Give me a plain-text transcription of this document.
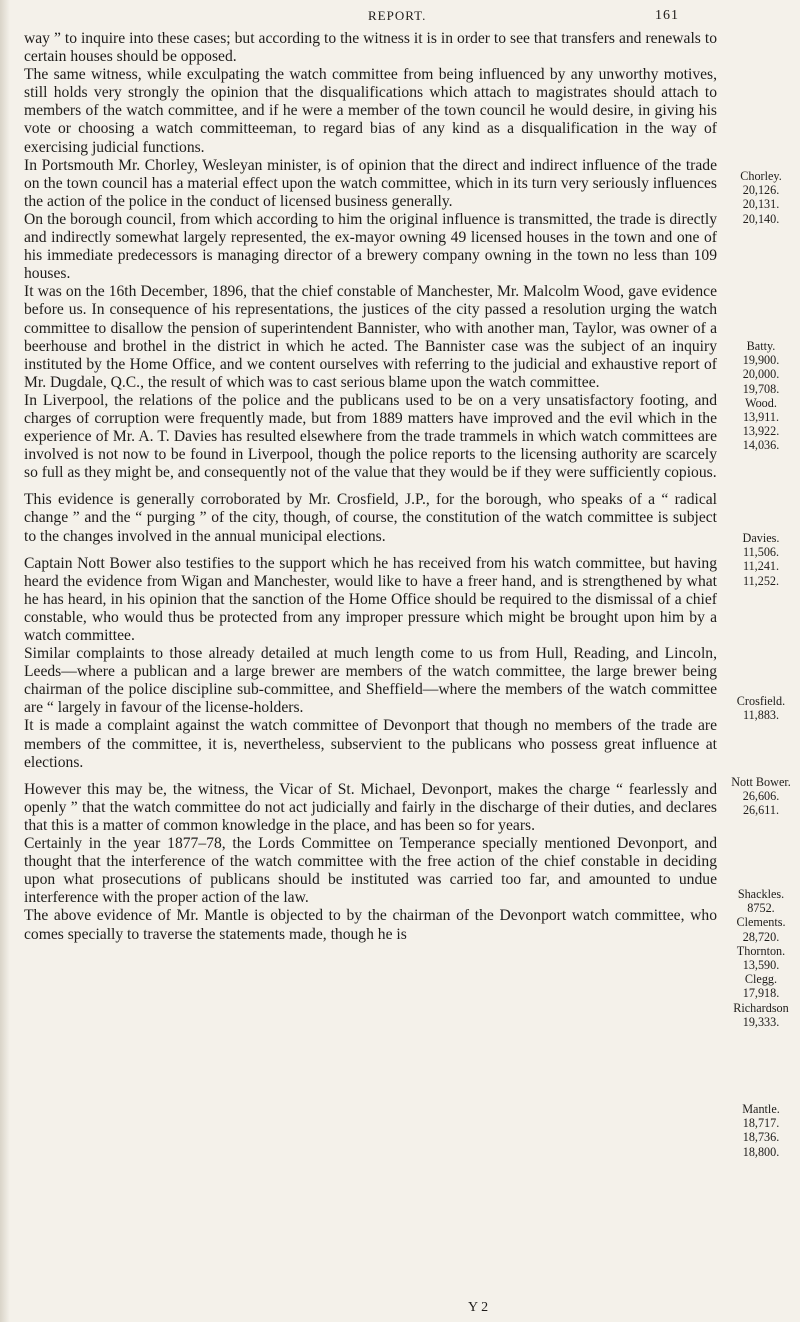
REPORT.	161

way ” to inquire into these cases; but according to the witness it is in order to see that transfers and renewals to certain houses should be opposed.

The same witness, while exculpating the watch committee from being influenced by any unworthy motives, still holds very strongly the opinion that the disqualifications which attach to magistrates should attach to members of the watch committee, and if he were a member of the town council he would desire, in giving his vote or choosing a watch committeeman, to regard bias of any kind as a disqualification in the way of exercising judicial functions.

In Portsmouth Mr. Chorley, Wesleyan minister, is of opinion that the direct and indirect influence of the trade on the town council has a material effect upon the watch committee, which in its turn very seriously influences the action of the police in the conduct of licensed business generally.

On the borough council, from which according to him the original influence is transmitted, the trade is directly and indirectly somewhat largely represented, the ex-mayor owning 49 licensed houses in the town and one of his immediate predecessors is managing director of a brewery company owning in the town no less than 109 houses.

It was on the 16th December, 1896, that the chief constable of Manchester, Mr. Malcolm Wood, gave evidence before us. In consequence of his representations, the justices of the city passed a resolution urging the watch committee to disallow the pension of superintendent Bannister, who with another man, Taylor, was owner of a beerhouse and brothel in the district in which he acted. The Bannister case was the subject of an inquiry instituted by the Home Office, and we content ourselves with referring to the judicial and exhaustive report of Mr. Dugdale, Q.C., the result of which was to cast serious blame upon the watch committee.

In Liverpool, the relations of the police and the publicans used to be on a very unsatisfactory footing, and charges of corruption were frequently made, but from 1889 matters have improved and the evil which in the experience of Mr. A. T. Davies has resulted elsewhere from the trade trammels in which watch committees are involved is not now to be found in Liverpool, though the police reports to the licensing authority are scarcely so full as they might be, and consequently not of the value that they would be if they were sufficiently copious.

This evidence is generally corroborated by Mr. Crosfield, J.P., for the borough, who speaks of a “ radical change ” and the “ purging ” of the city, though, of course, the constitution of the watch committee is subject to the changes involved in the annual municipal elections.

Captain Nott Bower also testifies to the support which he has received from his watch committee, but having heard the evidence from Wigan and Manchester, would like to have a freer hand, and is strengthened by what he has heard, in his opinion that the sanction of the Home Office should be required to the dismissal of a chief constable, who would thus be protected from any improper pressure which might be brought upon him by a watch committee.

Similar complaints to those already detailed at much length come to us from Hull, Reading, and Lincoln, Leeds—where a publican and a large brewer are members of the watch committee, the large brewer being chairman of the police discipline sub-committee, and Sheffield—where the members of the watch committee are “ largely in favour of the license-holders.

It is made a complaint against the watch committee of Devonport that though no members of the trade are members of the committee, it is, nevertheless, subservient to the publicans who possess great influence at elections.

However this may be, the witness, the Vicar of St. Michael, Devonport, makes the charge “ fearlessly and openly ” that the watch committee do not act judicially and fairly in the discharge of their duties, and declares that this is a matter of common knowledge in the place, and has been so for years.

Certainly in the year 1877–78, the Lords Committee on Temperance specially mentioned Devonport, and thought that the interference of the watch committee with the free action of the chief constable in deciding upon what prosecutions of publicans should be instituted was carried too far, and amounted to undue interference with the proper action of the law.

The above evidence of Mr. Mantle is objected to by the chairman of the Devonport watch committee, who comes specially to traverse the statements made, though he is

Chorley.
20,126.
20,131.
20,140.
Batty.
19,900.
20,000.
19,708.
Wood.
13,911.
13,922.
14,036.
Davies.
11,506.
11,241.
11,252.
Crosfield.
11,883.
Nott Bower.
26,606.
26,611.
Shackles.
8752.
Clements.
28,720.
Thornton.
13,590.
Clegg.
17,918.
Richardson
19,333.
Mantle.
18,717.
18,736.
18,800.
Y 2
